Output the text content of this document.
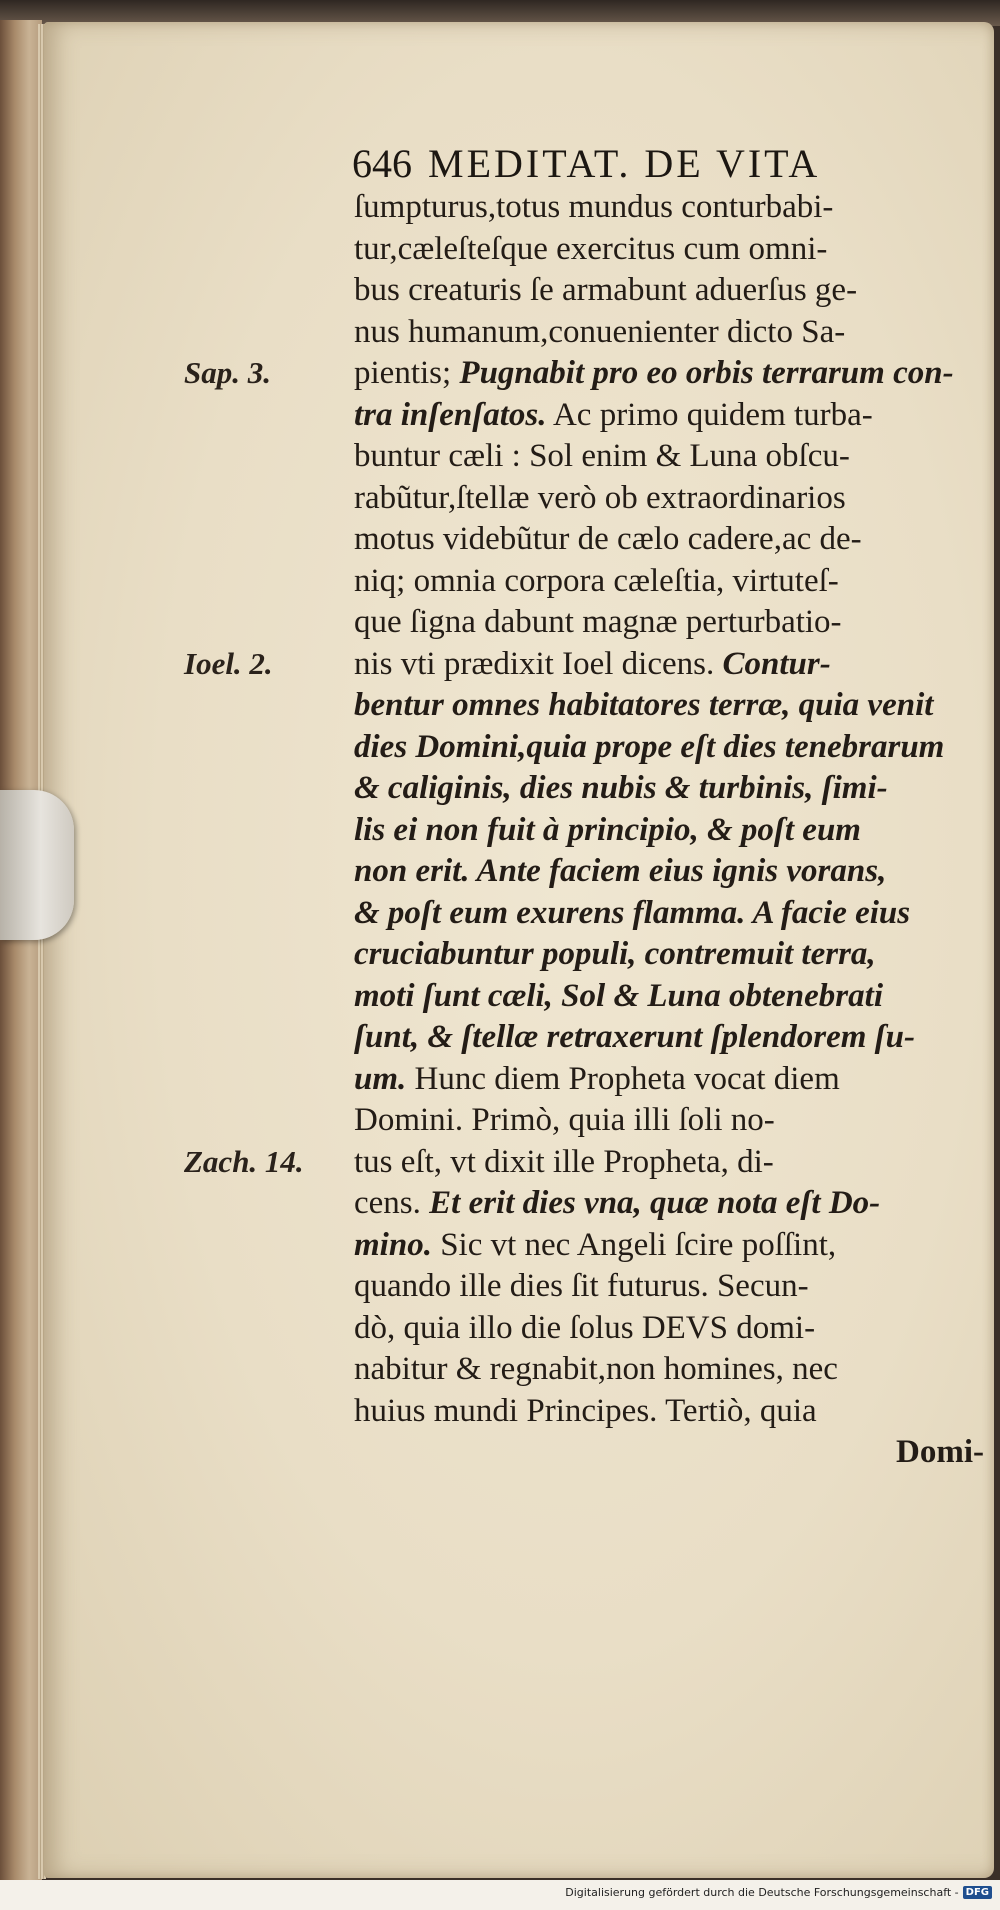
646 MEDITAT. DE VITA
ſumpturus,totus mundus conturbabi-
tur,cæleſteſque exercitus cum omni-
bus creaturis ſe armabunt aduerſus ge-
nus humanum,conuenienter dicto Sa-
pientis; Pugnabit pro eo orbis terrarum con-
tra inſenſatos. Ac primo quidem turba-
buntur cæli : Sol enim & Luna obſcu-
rabũtur,ſtellæ verò ob extraordinarios
motus videbũtur de cælo cadere,ac de-
niq; omnia corpora cæleſtia, virtuteſ-
que ſigna dabunt magnæ perturbatio-
nis vti prædixit Ioel dicens. Contur-
bentur omnes habitatores terræ, quia venit
dies Domini,quia prope eſt dies tenebrarum
& caliginis, dies nubis & turbinis, ſimi-
lis ei non fuit à principio, & poſt eum
non erit. Ante faciem eius ignis vorans,
& poſt eum exurens flamma. A facie eius
cruciabuntur populi, contremuit terra,
moti ſunt cæli, Sol & Luna obtenebrati
ſunt, & ſtellæ retraxerunt ſplendorem ſu-
um. Hunc diem Propheta vocat diem
Domini. Primò, quia illi ſoli no-
tus eſt, vt dixit ille Propheta, di-
cens. Et erit dies vna, quæ nota eſt Do-
mino. Sic vt nec Angeli ſcire poſſint,
quando ille dies ſit futurus. Secun-
dò, quia illo die ſolus DEVS domi-
nabitur & regnabit,non homines, nec
huius mundi Principes. Tertiò, quia
Domi-
Sap. 3.
Ioel. 2.
Zach. 14.
Digitalisierung gefördert durch die Deutsche Forschungsgemeinschaft - DFG
